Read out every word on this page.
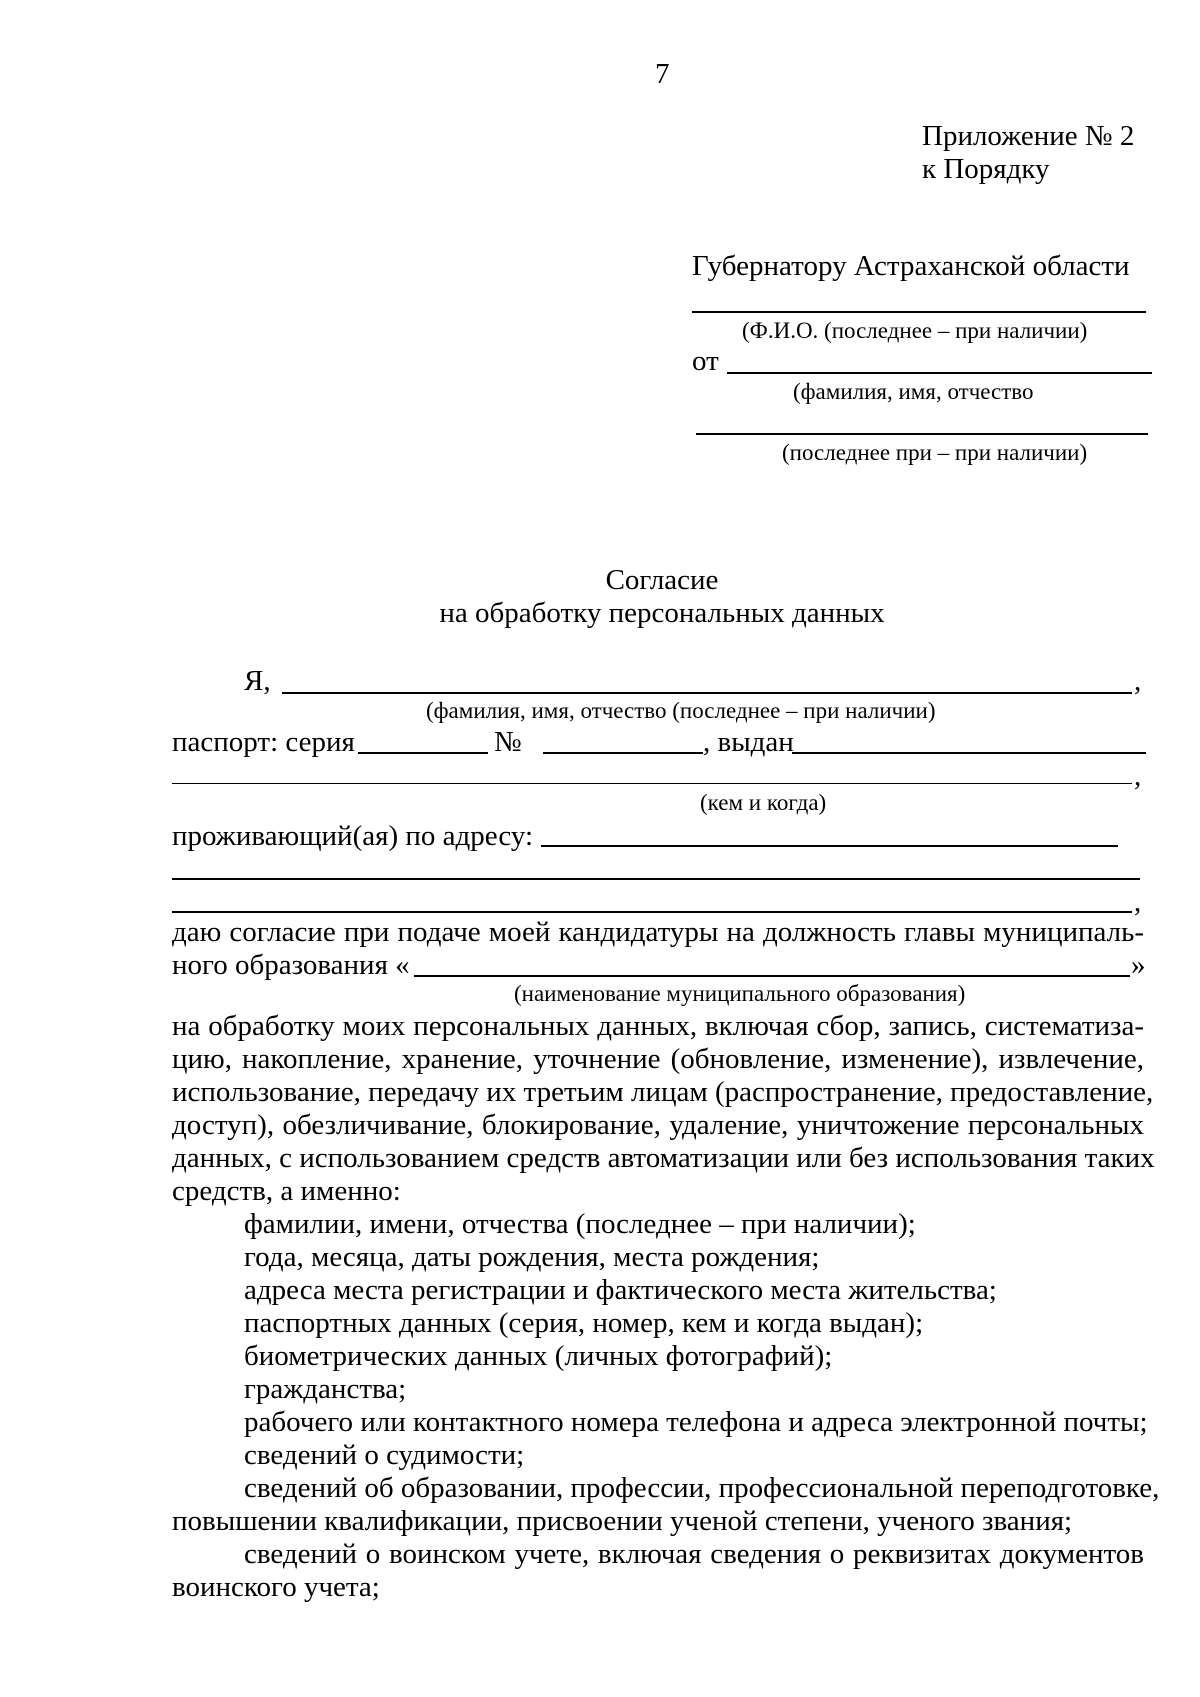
7
Приложение № 2
к Порядку
Губернатору Астраханской области
(Ф.И.О. (последнее – при наличии)
от
(фамилия, имя, отчество
(последнее при – при наличии)
Согласие
на обработку персональных данных
Я,	,
(фамилия, имя, отчество (последнее – при наличии)
паспорт: серия	№	, выдан
,
(кем и когда)
проживающий(ая) по адресу:
,
даю согласие при подаче моей кандидатуры на должность главы муниципаль-
ного образования «	»
(наименование муниципального образования)
на обработку моих персональных данных, включая сбор, запись, систематиза-
цию, накопление, хранение, уточнение (обновление, изменение), извлечение,
использование, передачу их третьим лицам (распространение, предоставление,
доступ), обезличивание, блокирование, удаление, уничтожение персональных
данных, с использованием средств автоматизации или без использования таких
средств, а именно:
фамилии, имени, отчества (последнее – при наличии);
года, месяца, даты рождения, места рождения;
адреса места регистрации и фактического места жительства;
паспортных данных (серия, номер, кем и когда выдан);
биометрических данных (личных фотографий);
гражданства;
рабочего или контактного номера телефона и адреса электронной почты;
сведений о судимости;
сведений об образовании, профессии, профессиональной переподготовке,
повышении квалификации, присвоении ученой степени, ученого звания;
сведений о воинском учете, включая сведения о реквизитах документов
воинского учета;
